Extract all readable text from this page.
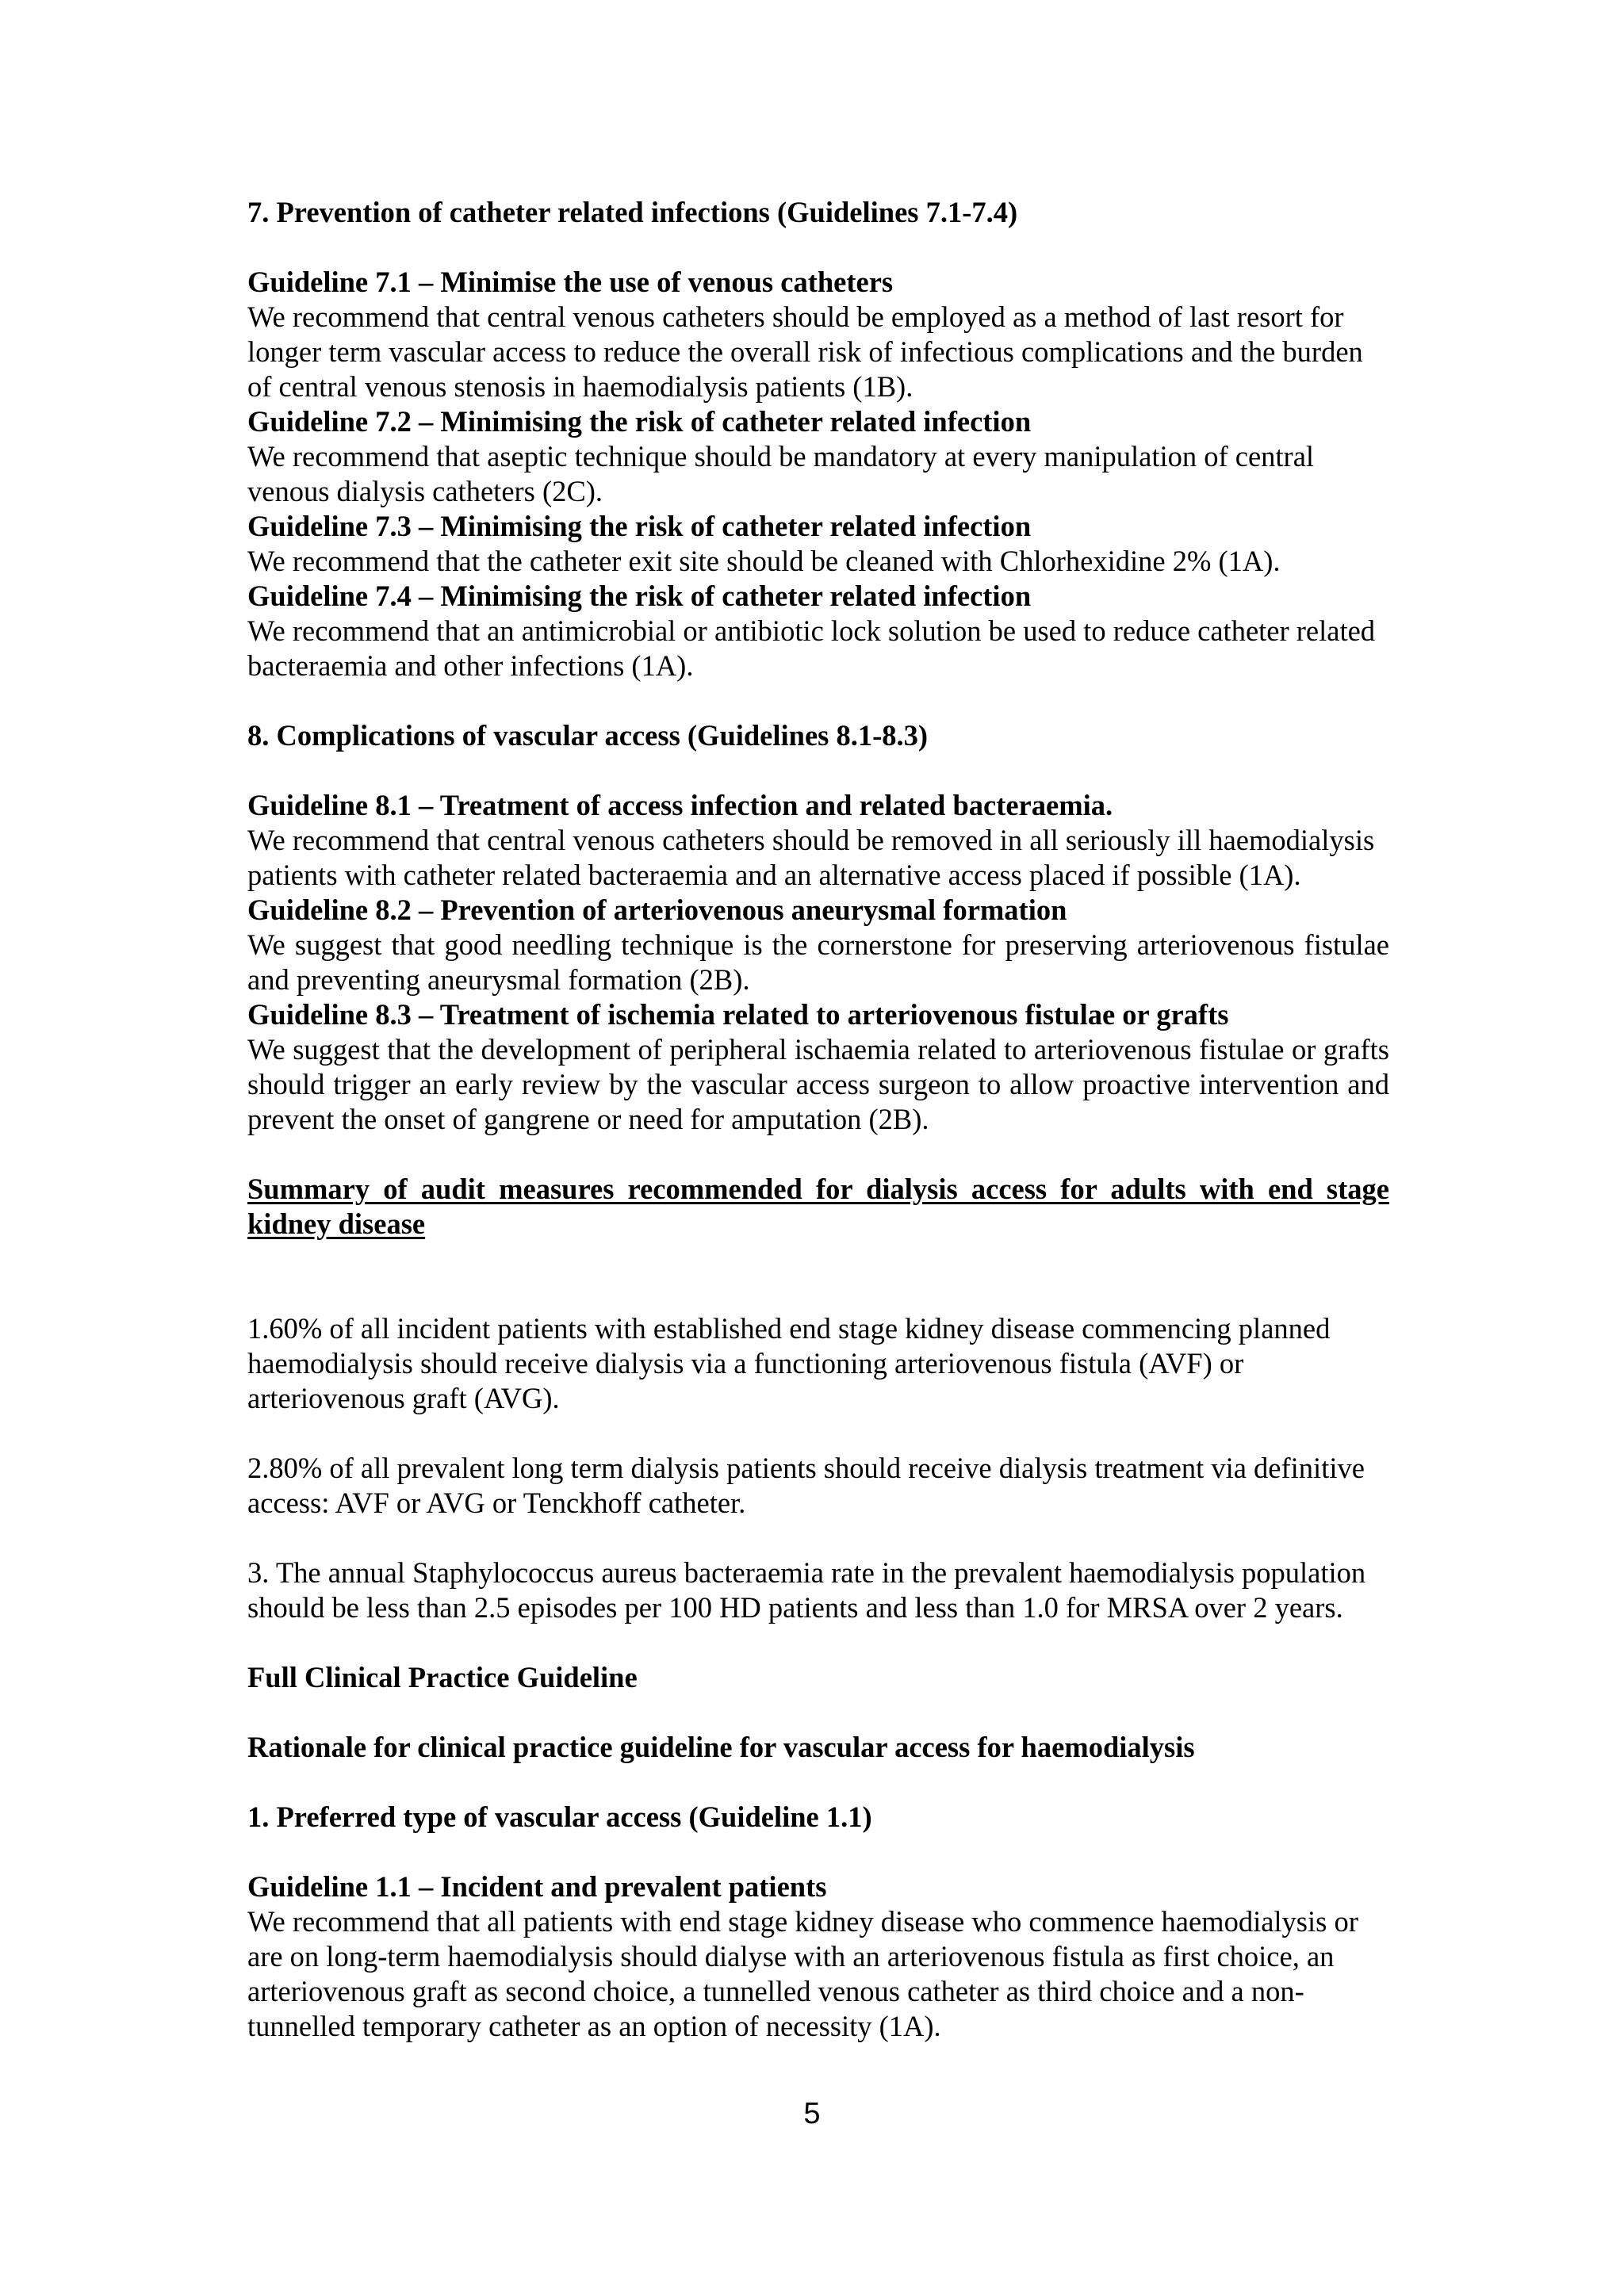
7. Prevention of catheter related infections (Guidelines 7.1-7.4)

Guideline 7.1 – Minimise the use of venous catheters

We recommend that central venous catheters should be employed as a method of last resort for longer term vascular access to reduce the overall risk of infectious complications and the burden of central venous stenosis in haemodialysis patients (1B).

Guideline 7.2 – Minimising the risk of catheter related infection

We recommend that aseptic technique should be mandatory at every manipulation of central venous dialysis catheters (2C).

Guideline 7.3 – Minimising the risk of catheter related infection

We recommend that the catheter exit site should be cleaned with Chlorhexidine 2% (1A).

Guideline 7.4 – Minimising the risk of catheter related infection

We recommend that an antimicrobial or antibiotic lock solution be used to reduce catheter related bacteraemia and other infections (1A).

8. Complications of vascular access (Guidelines 8.1-8.3)

Guideline 8.1 – Treatment of access infection and related bacteraemia.

We recommend that central venous catheters should be removed in all seriously ill haemodialysis patients with catheter related bacteraemia and an alternative access placed if possible (1A).

Guideline 8.2 – Prevention of arteriovenous aneurysmal formation

We suggest that good needling technique is the cornerstone for preserving arteriovenous fistulae and preventing aneurysmal formation (2B).

Guideline 8.3 – Treatment of ischemia related to arteriovenous fistulae or grafts

We suggest that the development of peripheral ischaemia related to arteriovenous fistulae or grafts should trigger an early review by the vascular access surgeon to allow proactive intervention and prevent the onset of gangrene or need for amputation (2B).

Summary of audit measures recommended for dialysis access for adults with end stage kidney disease

1.60% of all incident patients with established end stage kidney disease commencing planned haemodialysis should receive dialysis via a functioning arteriovenous fistula (AVF) or arteriovenous graft (AVG).

2.80% of all prevalent long term dialysis patients should receive dialysis treatment via definitive access: AVF or AVG or Tenckhoff catheter.

3. The annual Staphylococcus aureus bacteraemia rate in the prevalent haemodialysis population should be less than 2.5 episodes per 100 HD patients and less than 1.0 for MRSA over 2 years.

Full Clinical Practice Guideline

Rationale for clinical practice guideline for vascular access for haemodialysis

1. Preferred type of vascular access (Guideline 1.1)

Guideline 1.1 – Incident and prevalent patients

We recommend that all patients with end stage kidney disease who commence haemodialysis or are on long-term haemodialysis should dialyse with an arteriovenous fistula as first choice, an arteriovenous graft as second choice, a tunnelled venous catheter as third choice and a non-tunnelled temporary catheter as an option of necessity (1A).

5
